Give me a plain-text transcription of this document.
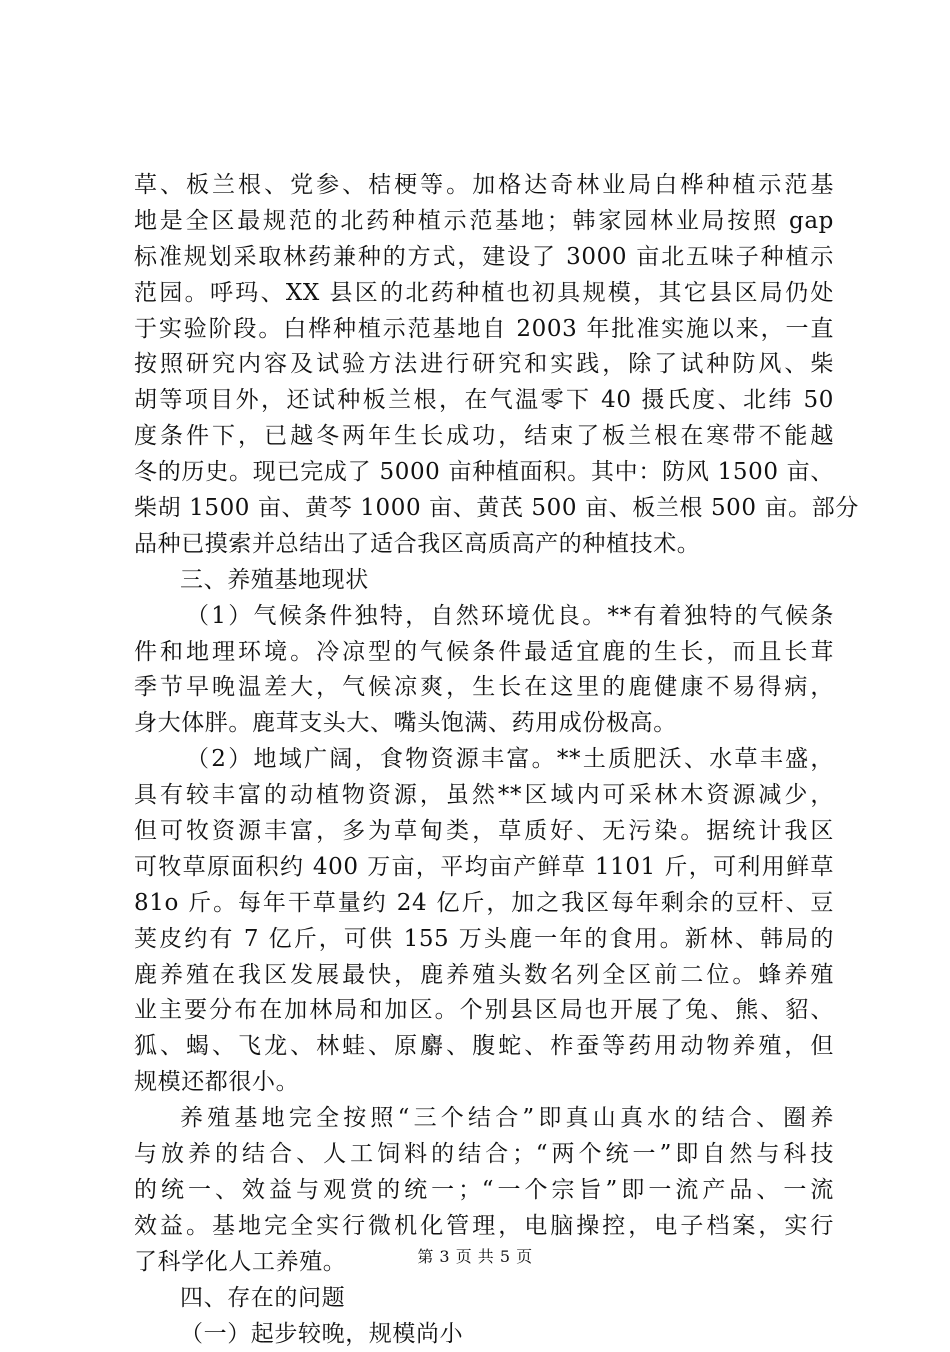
草、板兰根、党参、桔梗等。加格达奇林业局白桦种植示范基
地是全区最规范的北药种植示范基地；韩家园林业局按照 gap
标准规划采取林药兼种的方式，建设了 3000 亩北五味子种植示
范园。呼玛、XX 县区的北药种植也初具规模，其它县区局仍处
于实验阶段。白桦种植示范基地自 2003 年批准实施以来，一直
按照研究内容及试验方法进行研究和实践，除了试种防风、柴
胡等项目外，还试种板兰根，在气温零下 40 摄氏度、北纬 50
度条件下，已越冬两年生长成功，结束了板兰根在寒带不能越
冬的历史。现已完成了 5000 亩种植面积。其中：防风 1500 亩、
柴胡 1500 亩、黄芩 1000 亩、黄芪 500 亩、板兰根 500 亩。部分
品种已摸索并总结出了适合我区高质高产的种植技术。
三、养殖基地现状
（1）气候条件独特，自然环境优良。**有着独特的气候条
件和地理环境。冷凉型的气候条件最适宜鹿的生长，而且长茸
季节早晚温差大，气候凉爽，生长在这里的鹿健康不易得病，
身大体胖。鹿茸支头大、嘴头饱满、药用成份极高。
（2）地域广阔，食物资源丰富。**土质肥沃、水草丰盛，
具有较丰富的动植物资源，虽然**区域内可采林木资源减少，
但可牧资源丰富，多为草甸类，草质好、无污染。据统计我区
可牧草原面积约 400 万亩，平均亩产鲜草 1101 斤，可利用鲜草
81o 斤。每年干草量约 24 亿斤，加之我区每年剩余的豆杆、豆
荚皮约有 7 亿斤，可供 155 万头鹿一年的食用。新林、韩局的
鹿养殖在我区发展最快，鹿养殖头数名列全区前二位。蜂养殖
业主要分布在加林局和加区。个别县区局也开展了兔、熊、貂、
狐、蝎、飞龙、林蛙、原麝、腹蛇、柞蚕等药用动物养殖，但
规模还都很小。
养殖基地完全按照“三个结合”即真山真水的结合、圈养
与放养的结合、人工饲料的结合；“两个统一”即自然与科技
的统一、效益与观赏的统一；“一个宗旨”即一流产品、一流
效益。基地完全实行微机化管理，电脑操控，电子档案，实行
了科学化人工养殖。
四、存在的问题
（一）起步较晚，规模尚小
第 3 页 共 5 页
